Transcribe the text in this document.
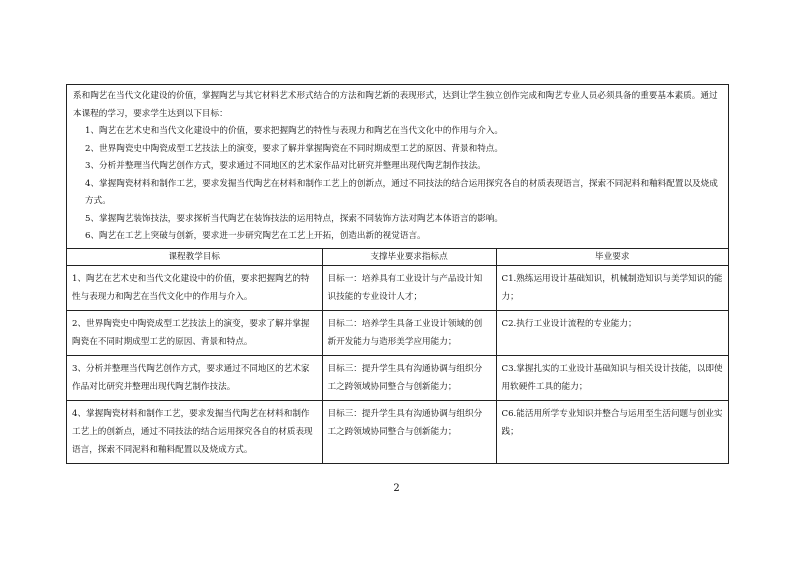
系和陶艺在当代文化建设的价值，掌握陶艺与其它材料艺术形式结合的方法和陶艺新的表现形式，达到让学生独立创作完成和陶艺专业人员必须具备的重要基本素质。通过本课程的学习，要求学生达到以下目标：

1、陶艺在艺术史和当代文化建设中的价值，要求把握陶艺的特性与表现力和陶艺在当代文化中的作用与介入。

2、世界陶瓷史中陶瓷成型工艺技法上的演变，要求了解并掌握陶瓷在不同时期成型工艺的原因、背景和特点。

3、分析并整理当代陶艺创作方式，要求通过不同地区的艺术家作品对比研究并整理出现代陶艺制作技法。

4、掌握陶瓷材料和制作工艺，要求发掘当代陶艺在材料和制作工艺上的创新点，通过不同技法的结合运用探究各自的材质表现语言，探索不同泥料和釉料配置以及烧成方式。

5、掌握陶艺装饰技法，要求探析当代陶艺在装饰技法的运用特点，探索不同装饰方法对陶艺本体语言的影响。

6、陶艺在工艺上突破与创新，要求进一步研究陶艺在工艺上开拓，创造出新的视觉语言。

课程教学目标	支撑毕业要求指标点	毕业要求
1、陶艺在艺术史和当代文化建设中的价值，要求把握陶艺的特性与表现力和陶艺在当代文化中的作用与介入。	目标一：培养具有工业设计与产品设计知识技能的专业设计人才；	C1.熟练运用设计基础知识，机械制造知识与美学知识的能力；
2、世界陶瓷史中陶瓷成型工艺技法上的演变，要求了解并掌握陶瓷在不同时期成型工艺的原因、背景和特点。	目标二：培养学生具备工业设计领域的创新开发能力与造形美学应用能力；	C2.执行工业设计流程的专业能力；
3、分析并整理当代陶艺创作方式，要求通过不同地区的艺术家作品对比研究并整理出现代陶艺制作技法。	目标三：提升学生具有沟通协调与组织分工之跨领域协同整合与创新能力；	C3.掌握扎实的工业设计基础知识与相关设计技能，以即使用软硬件工具的能力；
4、掌握陶瓷材料和制作工艺，要求发掘当代陶艺在材料和制作工艺上的创新点，通过不同技法的结合运用探究各自的材质表现语言，探索不同泥料和釉料配置以及烧成方式。	目标三：提升学生具有沟通协调与组织分工之跨领域协同整合与创新能力；	C6.能活用所学专业知识并整合与运用至生活问题与创业实践；
2
